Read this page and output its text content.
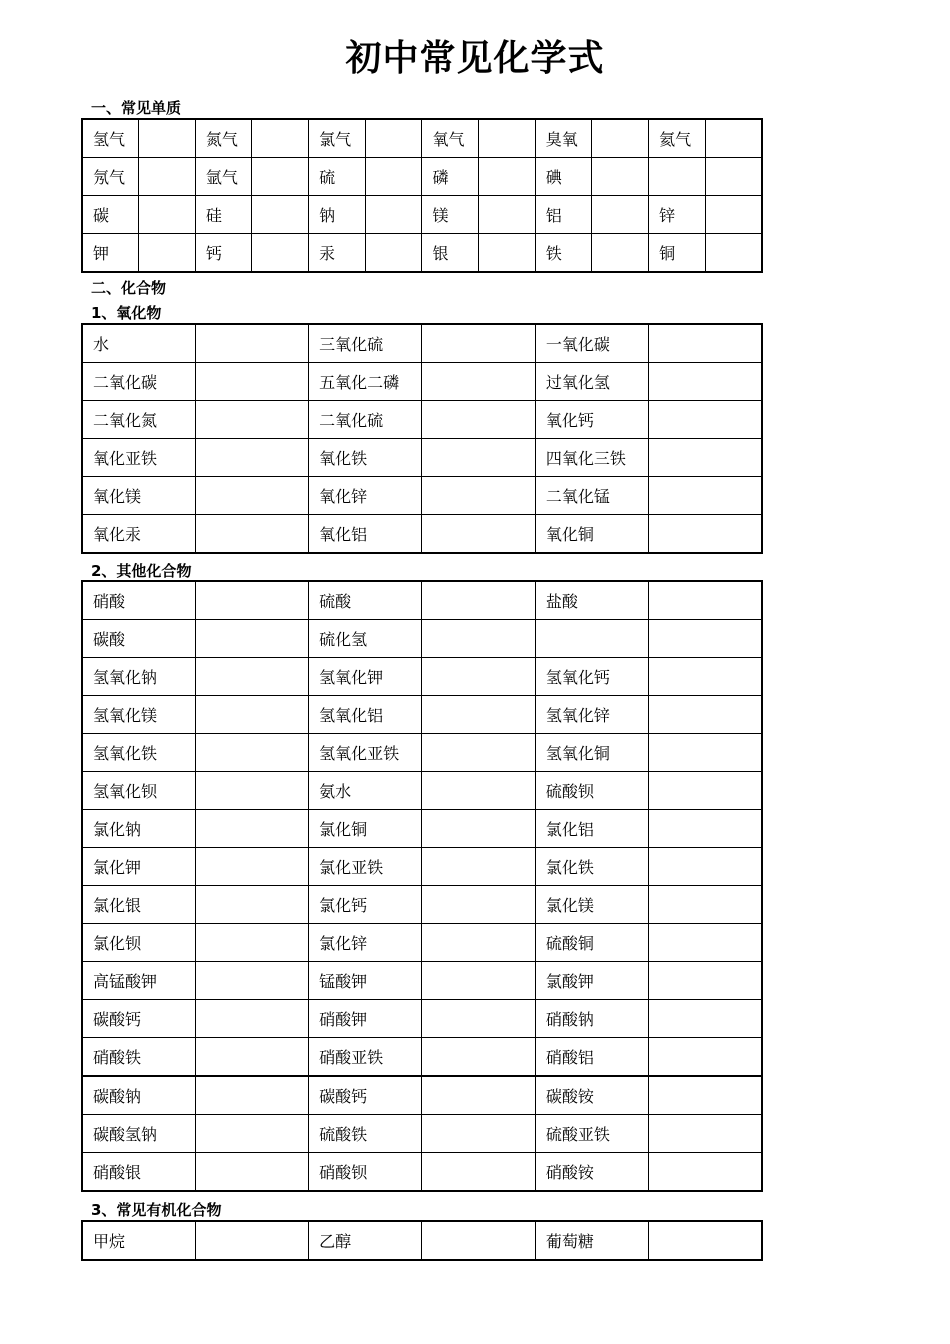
初中常见化学式
一、常见单质
氢气		氮气		氯气		氧气		臭氧		氦气	
氖气		氩气		硫		磷		碘			
碳		硅		钠		镁		铝		锌	
钾		钙		汞		银		铁		铜	
二、化合物
1、氧化物
水		三氧化硫		一氧化碳	
二氧化碳		五氧化二磷		过氧化氢	
二氧化氮		二氧化硫		氧化钙	
氧化亚铁		氧化铁		四氧化三铁	
氧化镁		氧化锌		二氧化锰	
氧化汞		氧化铝		氧化铜	
2、其他化合物
硝酸		硫酸		盐酸	
碳酸		硫化氢			
氢氧化钠		氢氧化钾		氢氧化钙	
氢氧化镁		氢氧化铝		氢氧化锌	
氢氧化铁		氢氧化亚铁		氢氧化铜	
氢氧化钡		氨水		硫酸钡	
氯化钠		氯化铜		氯化铝	
氯化钾		氯化亚铁		氯化铁	
氯化银		氯化钙		氯化镁	
氯化钡		氯化锌		硫酸铜	
高锰酸钾		锰酸钾		氯酸钾	
碳酸钙		硝酸钾		硝酸钠	
硝酸铁		硝酸亚铁		硝酸铝	
碳酸钠		碳酸钙		碳酸铵	
碳酸氢钠		硫酸铁		硫酸亚铁	
硝酸银		硝酸钡		硝酸铵	
3、常见有机化合物
甲烷		乙醇		葡萄糖	
